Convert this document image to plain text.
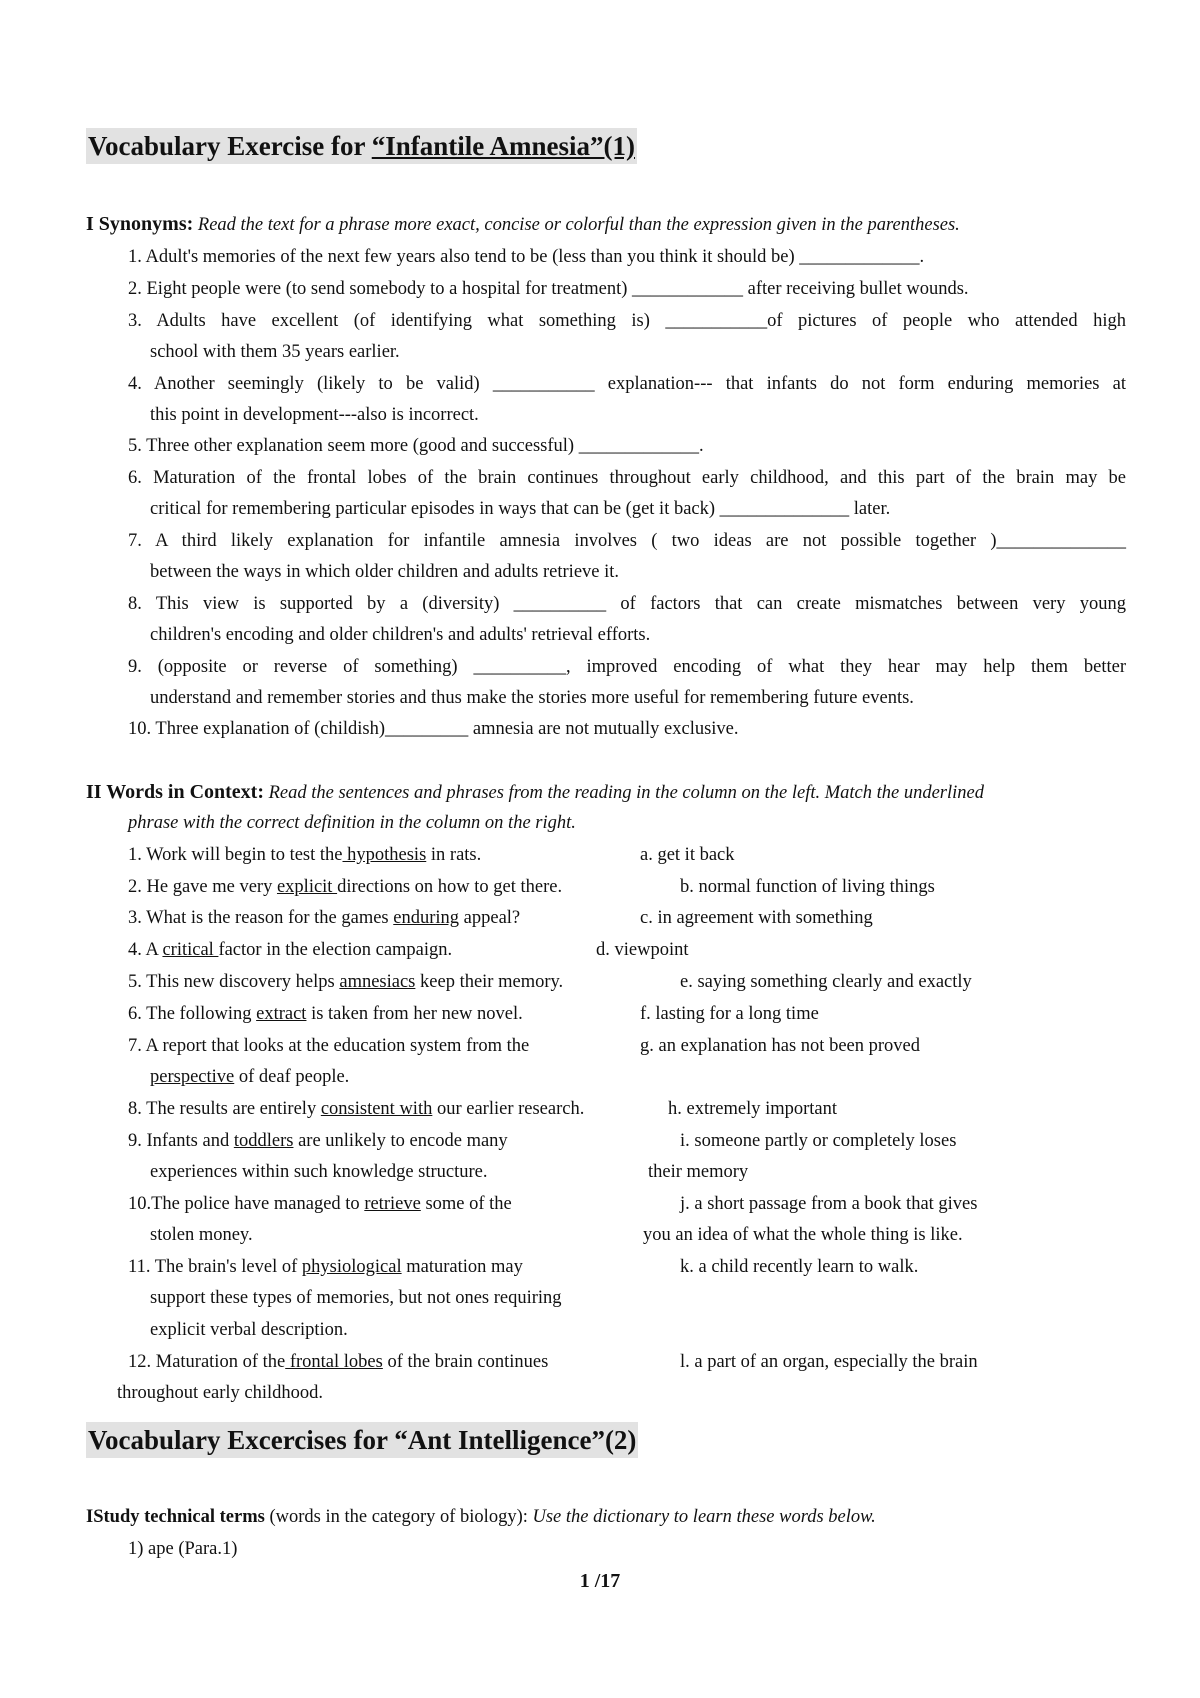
Vocabulary Exercise for “Infantile Amnesia”(1)
I Synonyms: Read the text for a phrase more exact, concise or colorful than the expression given in the parentheses.
1. Adult's memories of the next few years also tend to be (less than you think it should be) _____________.
2. Eight people were (to send somebody to a hospital for treatment) ____________ after receiving bullet wounds.
3. Adults have excellent (of identifying what something is) ___________of pictures of people who attended high
school with them 35 years earlier.
4. Another seemingly (likely to be valid) ___________ explanation--- that infants do not form enduring memories at
this point in development---also is incorrect.
5. Three other explanation seem more (good and successful) _____________.
6. Maturation of the frontal lobes of the brain continues throughout early childhood, and this part of the brain may be
critical for remembering particular episodes in ways that can be (get it back) ______________ later.
7. A third likely explanation for infantile amnesia involves ( two ideas are not possible together )______________
between the ways in which older children and adults retrieve it.
8. This view is supported by a (diversity) __________ of factors that can create mismatches between very young
children's encoding and older children's and adults' retrieval efforts.
9. (opposite or reverse of something) __________, improved encoding of what they hear may help them better
understand and remember stories and thus make the stories more useful for remembering future events.
10. Three explanation of (childish)_________ amnesia are not mutually exclusive.
II Words in Context: Read the sentences and phrases from the reading in the column on the left. Match the underlined
phrase with the correct definition in the column on the right.
1. Work will begin to test the hypothesis in rats.
2. He gave me very explicit directions on how to get there.
3. What is the reason for the games enduring appeal?
4. A critical factor in the election campaign.
5. This new discovery helps amnesiacs keep their memory.
6. The following extract is taken from her new novel.
7. A report that looks at the education system from the
perspective of deaf people.
8. The results are entirely consistent with our earlier research.
9. Infants and toddlers are unlikely to encode many
experiences within such knowledge structure.
10.The police have managed to retrieve some of the
stolen money.
11. The brain's level of physiological maturation may
support these types of memories, but not ones requiring
explicit verbal description.
12. Maturation of the frontal lobes of the brain continues
throughout early childhood.
a. get it back
b. normal function of living things
c. in agreement with something
d. viewpoint
e. saying something clearly and exactly
f. lasting for a long time
g. an explanation has not been proved
h. extremely important
i. someone partly or completely loses
their memory
j. a short passage from a book that gives
you an idea of what the whole thing is like.
k. a child recently learn to walk.
l. a part of an organ, especially the brain
Vocabulary Excercises for “Ant Intelligence”(2)
IStudy technical terms (words in the category of biology): Use the dictionary to learn these words below.
1) ape (Para.1)
1 /17
